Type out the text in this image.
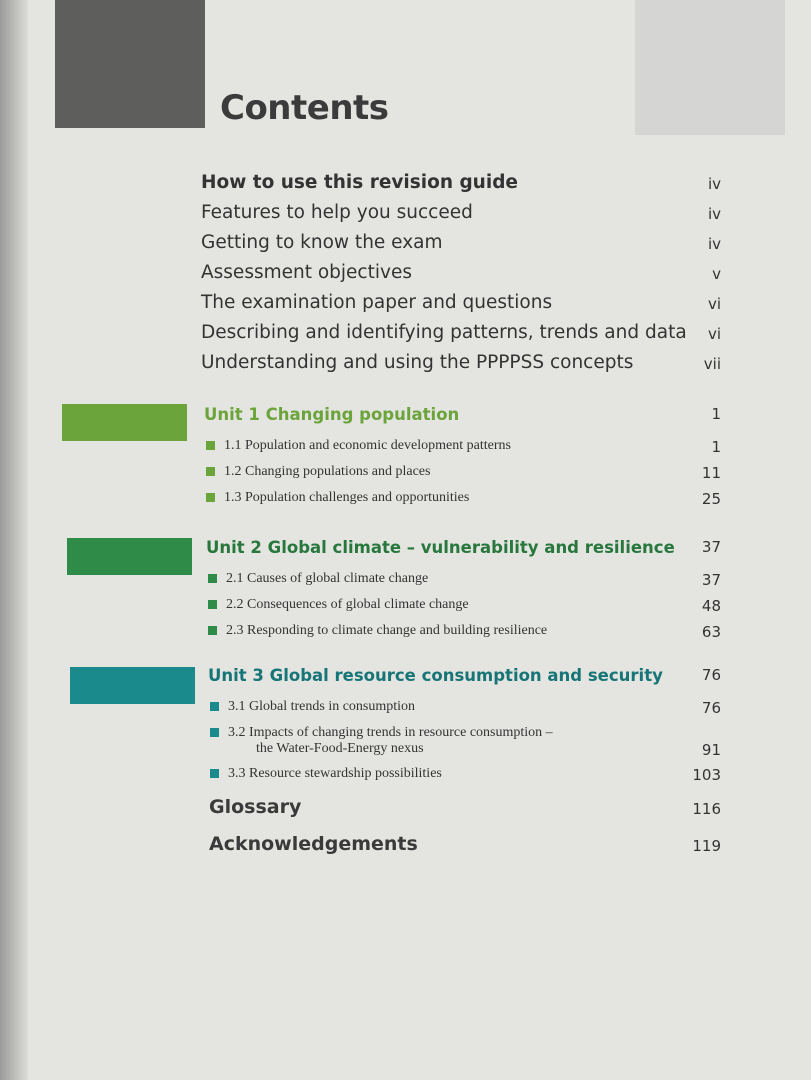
Contents
How to use this revision guide	iv
Features to help you succeed	iv
Getting to know the exam	iv
Assessment objectives	v
The examination paper and questions	vi
Describing and identifying patterns, trends and data vi
Understanding and using the PPPPSS concepts	vii
Unit 1 Changing population	1
1.1 Population and economic development patterns	1
1.2 Changing populations and places	11
1.3 Population challenges and opportunities	25
Unit 2 Global climate – vulnerability and resilience 37
2.1 Causes of global climate change	37
2.2 Consequences of global climate change	48
2.3 Responding to climate change and building resilience	63
Unit 3 Global resource consumption and security	76
3.1 Global trends in consumption	76
3.2 Impacts of changing trends in resource consumption –
the Water-Food-Energy nexus	91
3.3 Resource stewardship possibilities	103
Glossary	116
Acknowledgements	119
